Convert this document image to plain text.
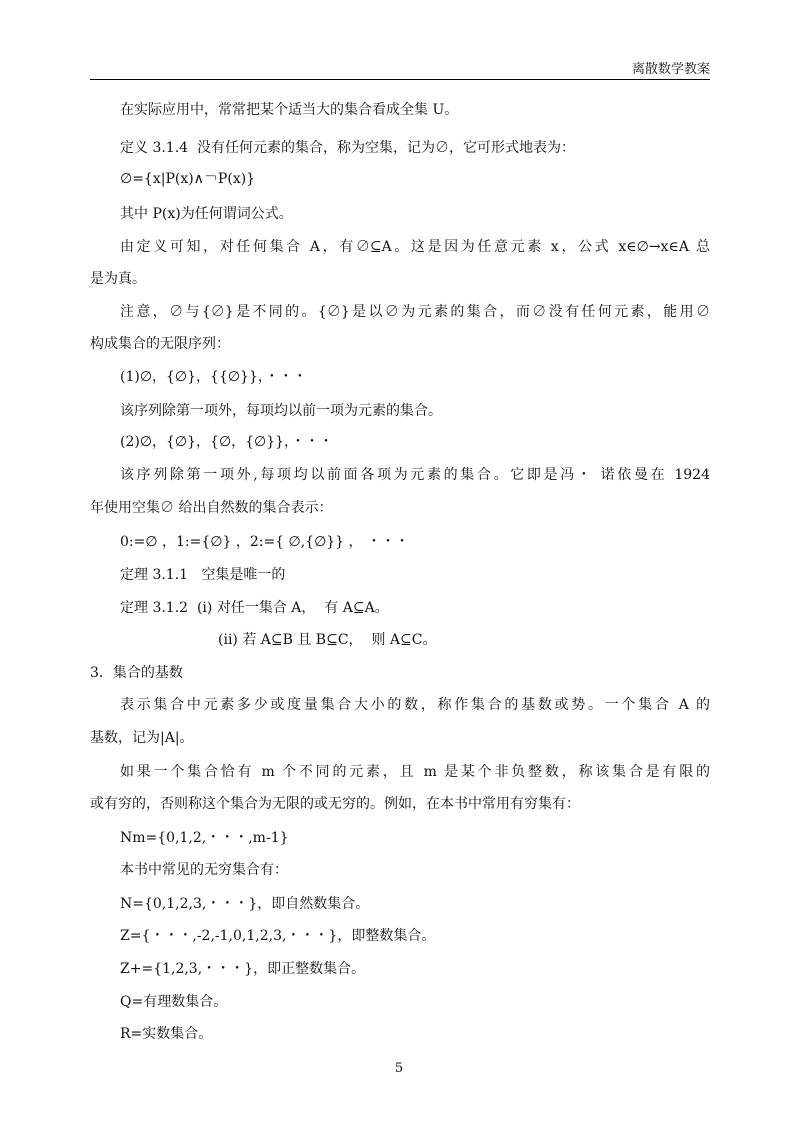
离散数学教案
在实际应用中，常常把某个适当大的集合看成全集 U。
定义 3.1.4  没有任何元素的集合，称为空集，记为∅，它可形式地表为：
∅={x|P(x)∧￢P(x)}
其中 P(x)为任何谓词公式。
由定义可知，对任何集合 A，有∅⊆A。这是因为任意元素 x，公式 x∈∅→x∈A 总
是为真。
注意，∅与{∅}是不同的。{∅}是以∅为元素的集合，而∅没有任何元素，能用∅
构成集合的无限序列：
(1)∅，{∅}，{{∅}}，・・・
该序列除第一项外，每项均以前一项为元素的集合。
(2)∅，{∅}，{∅，{∅}}，・・・
该序列除第一项外,每项均以前面各项为元素的集合。它即是冯・ 诺依曼在 1924
年使用空集∅ 给出自然数的集合表示：
0:=∅ ，1:={∅} ，2:={ ∅,{∅}} ， ・・・
定理 3.1.1   空集是唯一的
定理 3.1.2  (ⅰ) 对任一集合 A，  有 A⊆A。
(ⅱ) 若 A⊆B 且 B⊆C，  则 A⊆C。
3．集合的基数
表示集合中元素多少或度量集合大小的数，称作集合的基数或势。一个集合 A 的
基数，记为|A|。
如果一个集合恰有 m 个不同的元素，且 m 是某个非负整数，称该集合是有限的
或有穷的，否则称这个集合为无限的或无穷的。例如，在本书中常用有穷集有：
Nm={0,1,2,・・・,m-1}
本书中常见的无穷集合有：
N={0,1,2,3,・・・}，即自然数集合。
Z={・・・,-2,-1,0,1,2,3,・・・}，即整数集合。
Z+={1,2,3,・・・}，即正整数集合。
Q=有理数集合。
R=实数集合。
5
